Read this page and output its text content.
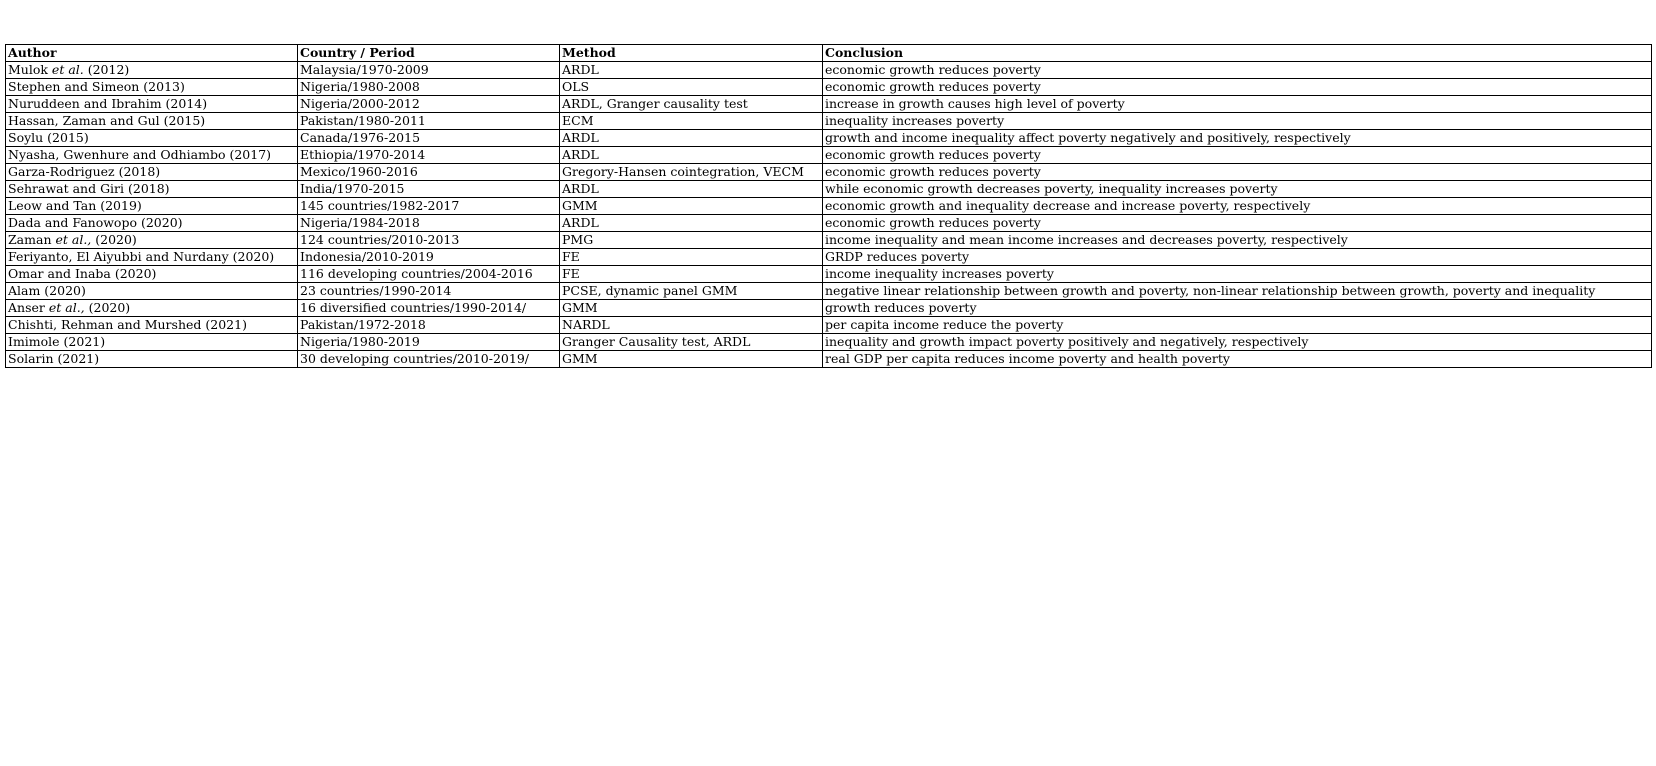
Author	Country / Period	Method	Conclusion
Mulok et al. (2012)	Malaysia/1970-2009	ARDL	economic growth reduces poverty
Stephen and Simeon (2013)	Nigeria/1980-2008	OLS	economic growth reduces poverty
Nuruddeen and Ibrahim (2014)	Nigeria/2000-2012	ARDL, Granger causality test	increase in growth causes high level of poverty
Hassan, Zaman and Gul (2015)	Pakistan/1980-2011	ECM	inequality increases poverty
Soylu (2015)	Canada/1976-2015	ARDL	growth and income inequality affect poverty negatively and positively, respectively
Nyasha, Gwenhure and Odhiambo (2017)	Ethiopia/1970-2014	ARDL	economic growth reduces poverty
Garza-Rodriguez (2018)	Mexico/1960-2016	Gregory-Hansen cointegration, VECM	economic growth reduces poverty
Sehrawat and Giri (2018)	India/1970-2015	ARDL	while economic growth decreases poverty, inequality increases poverty
Leow and Tan (2019)	145 countries/1982-2017	GMM	economic growth and inequality decrease and increase poverty, respectively
Dada and Fanowopo (2020)	Nigeria/1984-2018	ARDL	economic growth reduces poverty
Zaman et al., (2020)	124 countries/2010-2013	PMG	income inequality and mean income increases and decreases poverty, respectively
Feriyanto, El Aiyubbi and Nurdany (2020)	Indonesia/2010-2019	FE	GRDP reduces poverty
Omar and Inaba (2020)	116 developing countries/2004-2016	FE	income inequality increases poverty
Alam (2020)	23 countries/1990-2014	PCSE, dynamic panel GMM	negative linear relationship between growth and poverty, non-linear relationship between growth, poverty and inequality
Anser et al., (2020)	16 diversified countries/1990-2014/	GMM	growth reduces poverty
Chishti, Rehman and Murshed (2021)	Pakistan/1972-2018	NARDL	per capita income reduce the poverty
Imimole (2021)	Nigeria/1980-2019	Granger Causality test, ARDL	inequality and growth impact poverty positively and negatively, respectively
Solarin (2021)	30 developing countries/2010-2019/	GMM	real GDP per capita reduces income poverty and health poverty
